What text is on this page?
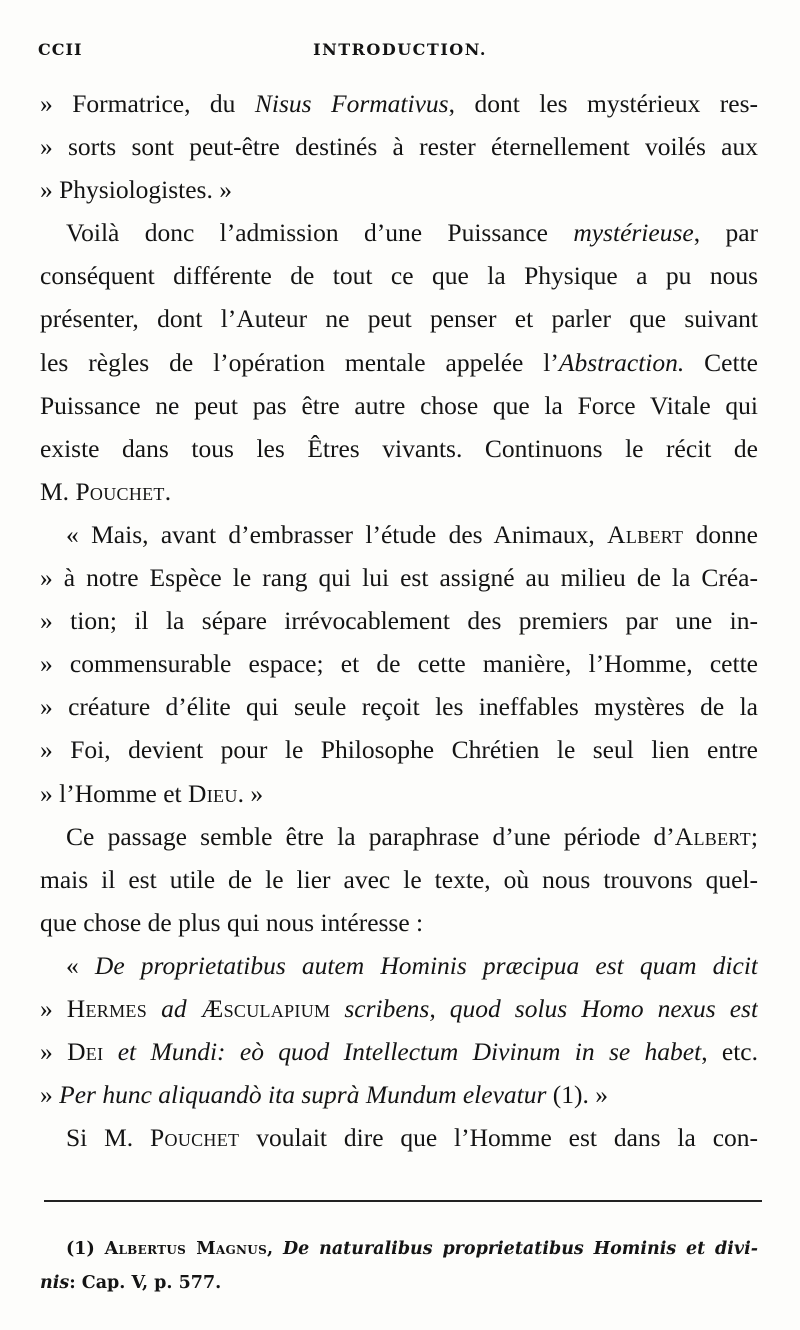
CCII	INTRODUCTION.
» Formatrice, du Nisus Formativus, dont les mystérieux res-
» sorts sont peut-être destinés à rester éternellement voilés aux
» Physiologistes. »
Voilà donc l’admission d’une Puissance mystérieuse, par
conséquent différente de tout ce que la Physique a pu nous
présenter, dont l’Auteur ne peut penser et parler que suivant
les règles de l’opération mentale appelée l’Abstraction. Cette
Puissance ne peut pas être autre chose que la Force Vitale qui
existe dans tous les Êtres vivants. Continuons le récit de
M. Pouchet.
« Mais, avant d’embrasser l’étude des Animaux, Albert donne
» à notre Espèce le rang qui lui est assigné au milieu de la Créa-
» tion; il la sépare irrévocablement des premiers par une in-
» commensurable espace; et de cette manière, l’Homme, cette
» créature d’élite qui seule reçoit les ineffables mystères de la
» Foi, devient pour le Philosophe Chrétien le seul lien entre
» l’Homme et Dieu. »
Ce passage semble être la paraphrase d’une période d’Albert;
mais il est utile de le lier avec le texte, où nous trouvons quel-
que chose de plus qui nous intéresse :
« De proprietatibus autem Hominis præcipua est quam dicit
» Hermes ad Æsculapium scribens, quod solus Homo nexus est
» Dei et Mundi: eò quod Intellectum Divinum in se habet, etc.
» Per hunc aliquandò ita suprà Mundum elevatur (1). »
Si M. Pouchet voulait dire que l’Homme est dans la con-
(1) Albertus Magnus, De naturalibus proprietatibus Hominis et divi-
nis: Cap. V, p. 577.
